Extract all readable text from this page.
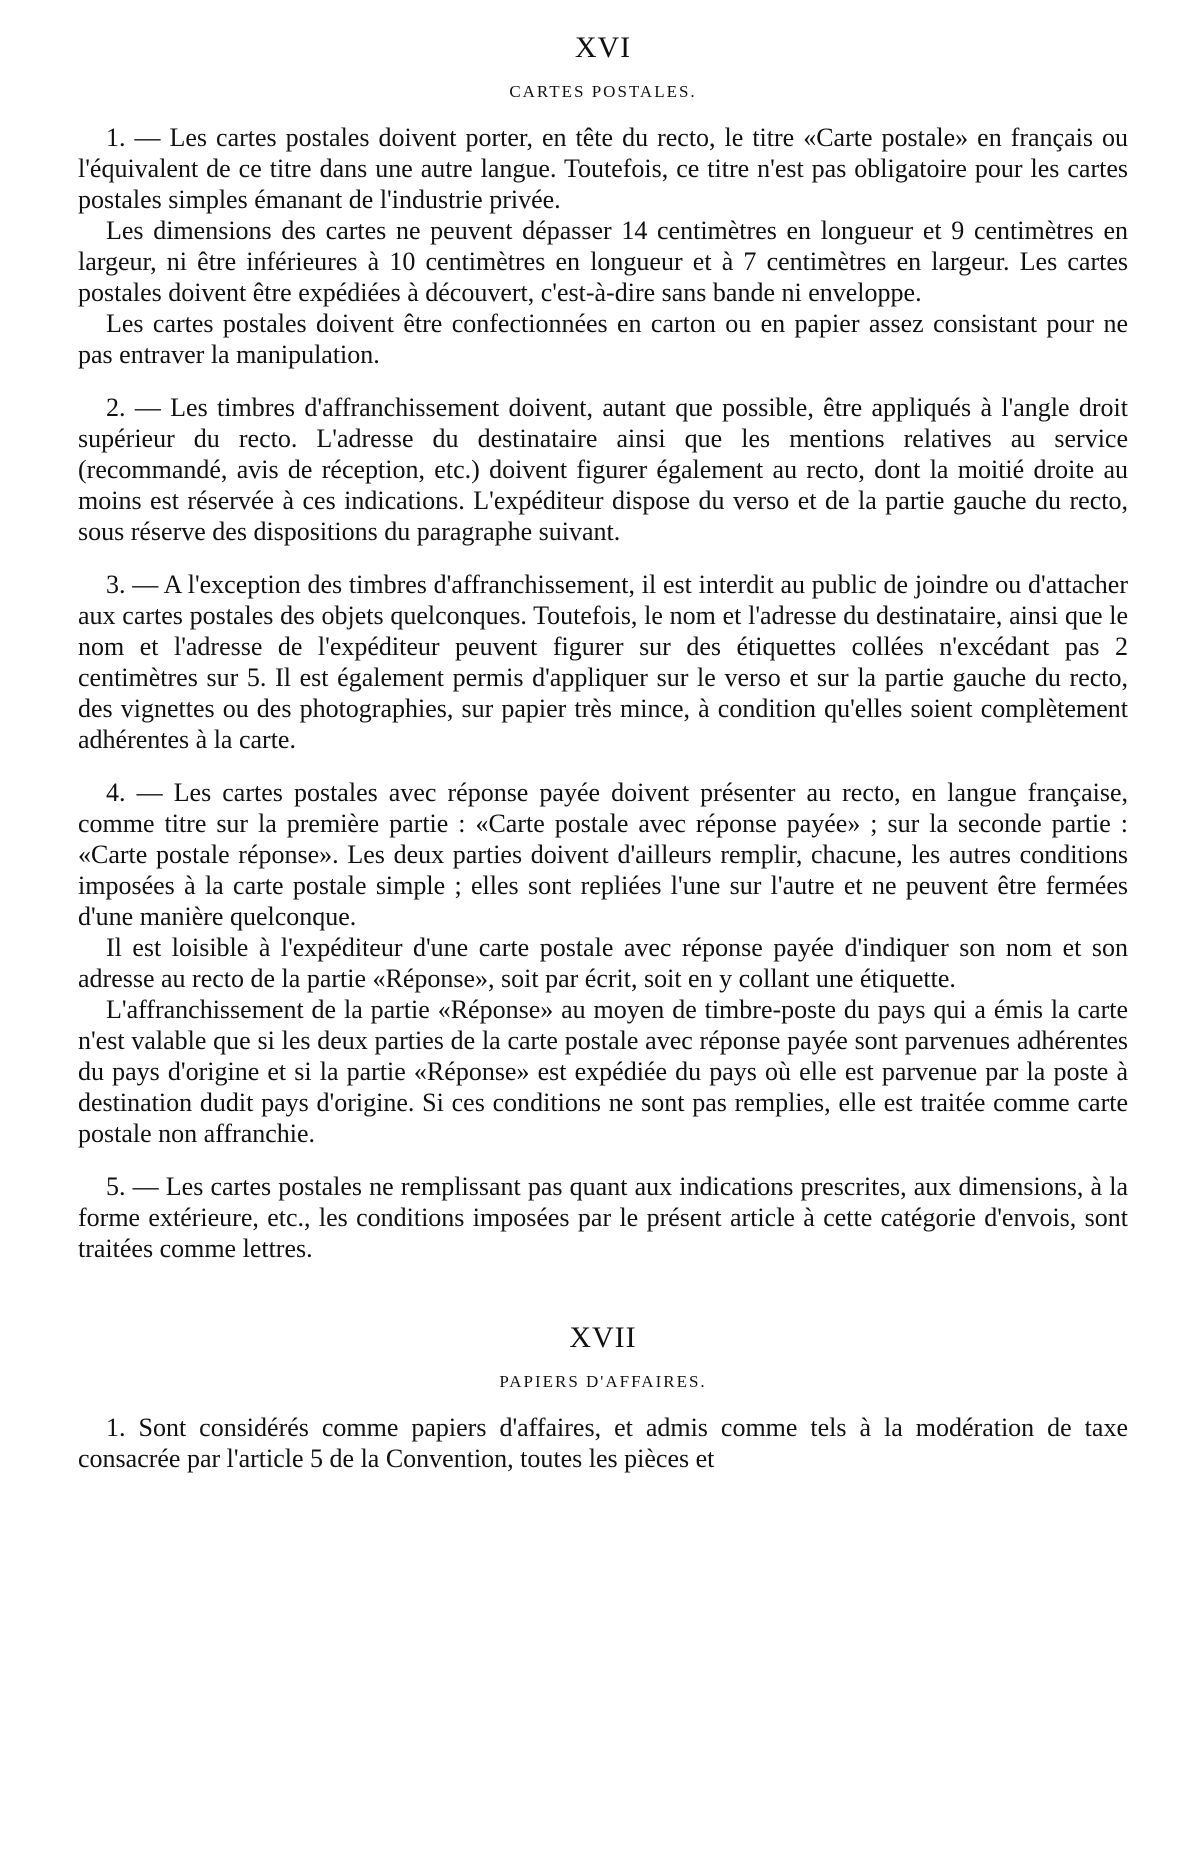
XVI
CARTES POSTALES.

1. — Les cartes postales doivent porter, en tête du recto, le titre «Carte postale» en français ou l'équivalent de ce titre dans une autre langue. Toutefois, ce titre n'est pas obligatoire pour les cartes postales simples émanant de l'industrie privée.

Les dimensions des cartes ne peuvent dépasser 14 centimètres en longueur et 9 centimètres en largeur, ni être inférieures à 10 centimètres en longueur et à 7 centimètres en largeur. Les cartes postales doivent être expédiées à découvert, c'est-à-dire sans bande ni enveloppe.

Les cartes postales doivent être confectionnées en carton ou en papier assez consistant pour ne pas entraver la manipulation.

2. — Les timbres d'affranchissement doivent, autant que possible, être appliqués à l'angle droit supérieur du recto. L'adresse du destinataire ainsi que les mentions relatives au service (recommandé, avis de réception, etc.) doivent figurer également au recto, dont la moitié droite au moins est réservée à ces indications. L'expéditeur dispose du verso et de la partie gauche du recto, sous réserve des dispositions du paragraphe suivant.

3. — A l'exception des timbres d'affranchissement, il est interdit au public de joindre ou d'attacher aux cartes postales des objets quelconques. Toutefois, le nom et l'adresse du destinataire, ainsi que le nom et l'adresse de l'expéditeur peuvent figurer sur des étiquettes collées n'excédant pas 2 centimètres sur 5. Il est également permis d'appliquer sur le verso et sur la partie gauche du recto, des vignettes ou des photographies, sur papier très mince, à condition qu'elles soient complètement adhérentes à la carte.

4. — Les cartes postales avec réponse payée doivent présenter au recto, en langue française, comme titre sur la première partie : «Carte postale avec réponse payée» ; sur la seconde partie : «Carte postale réponse». Les deux parties doivent d'ailleurs remplir, chacune, les autres conditions imposées à la carte postale simple ; elles sont repliées l'une sur l'autre et ne peuvent être fermées d'une manière quelconque.

Il est loisible à l'expéditeur d'une carte postale avec réponse payée d'indiquer son nom et son adresse au recto de la partie «Réponse», soit par écrit, soit en y collant une étiquette.

L'affranchissement de la partie «Réponse» au moyen de timbre-poste du pays qui a émis la carte n'est valable que si les deux parties de la carte postale avec réponse payée sont parvenues adhérentes du pays d'origine et si la partie «Réponse» est expédiée du pays où elle est parvenue par la poste à destination dudit pays d'origine. Si ces conditions ne sont pas remplies, elle est traitée comme carte postale non affranchie.

5. — Les cartes postales ne remplissant pas quant aux indications prescrites, aux dimensions, à la forme extérieure, etc., les conditions imposées par le présent article à cette catégorie d'envois, sont traitées comme lettres.

XVII
PAPIERS D'AFFAIRES.

1. Sont considérés comme papiers d'affaires, et admis comme tels à la modération de taxe consacrée par l'article 5 de la Convention, toutes les pièces et
